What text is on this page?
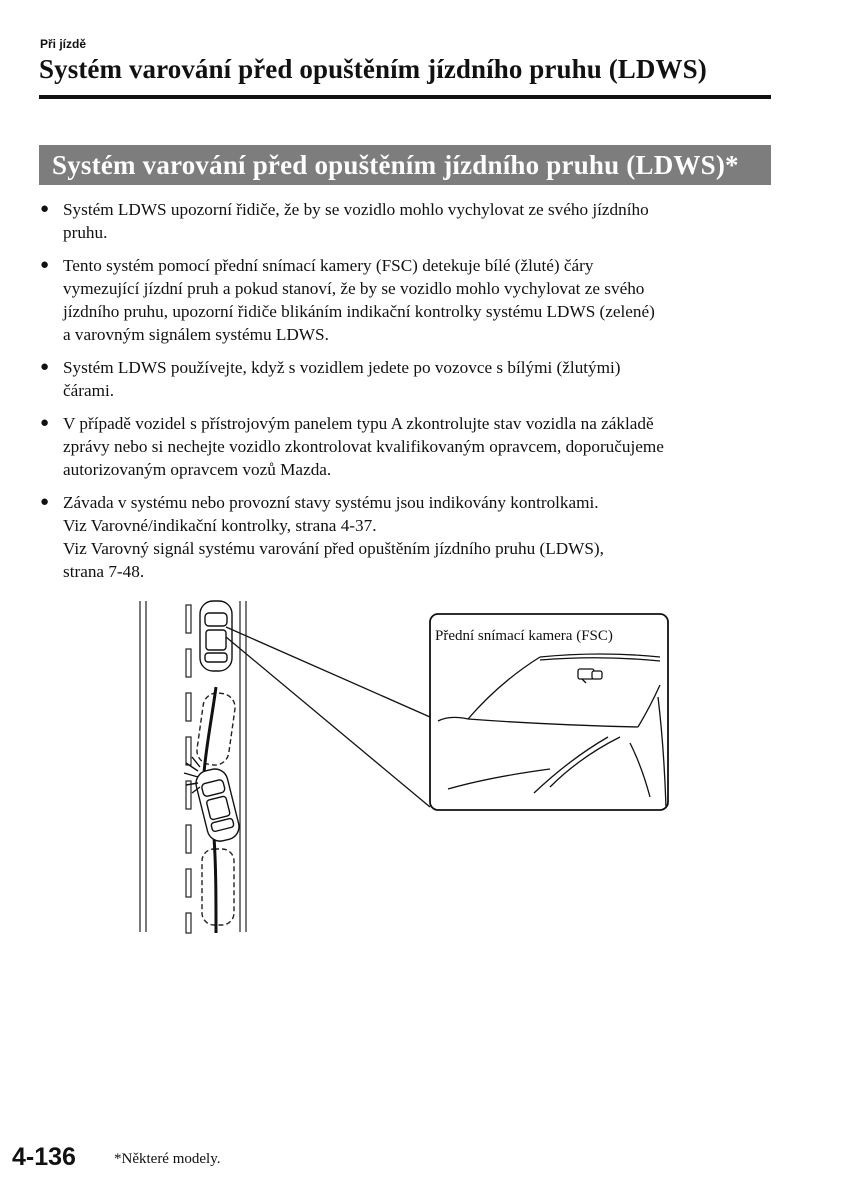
Při jízdě
Systém varování před opuštěním jízdního pruhu (LDWS)
Systém varování před opuštěním jízdního pruhu (LDWS)*
● Systém LDWS upozorní řidiče, že by se vozidlo mohlo vychylovat ze svého jízdního
pruhu.
● Tento systém pomocí přední snímací kamery (FSC) detekuje bílé (žluté) čáry
vymezující jízdní pruh a pokud stanoví, že by se vozidlo mohlo vychylovat ze svého
jízdního pruhu, upozorní řidiče blikáním indikační kontrolky systému LDWS (zelené)
a varovným signálem systému LDWS.
● Systém LDWS používejte, když s vozidlem jedete po vozovce s bílými (žlutými)
čárami.
● V případě vozidel s přístrojovým panelem typu A zkontrolujte stav vozidla na základě
zprávy nebo si nechejte vozidlo zkontrolovat kvalifikovaným opravcem, doporučujeme
autorizovaným opravcem vozů Mazda.
● Závada v systému nebo provozní stavy systému jsou indikovány kontrolkami.
Viz Varovné/indikační kontrolky, strana 4-37.
Viz Varovný signál systému varování před opuštěním jízdního pruhu (LDWS),
strana 7-48.
Přední snímací kamera (FSC)
4-136	*Některé modely.
